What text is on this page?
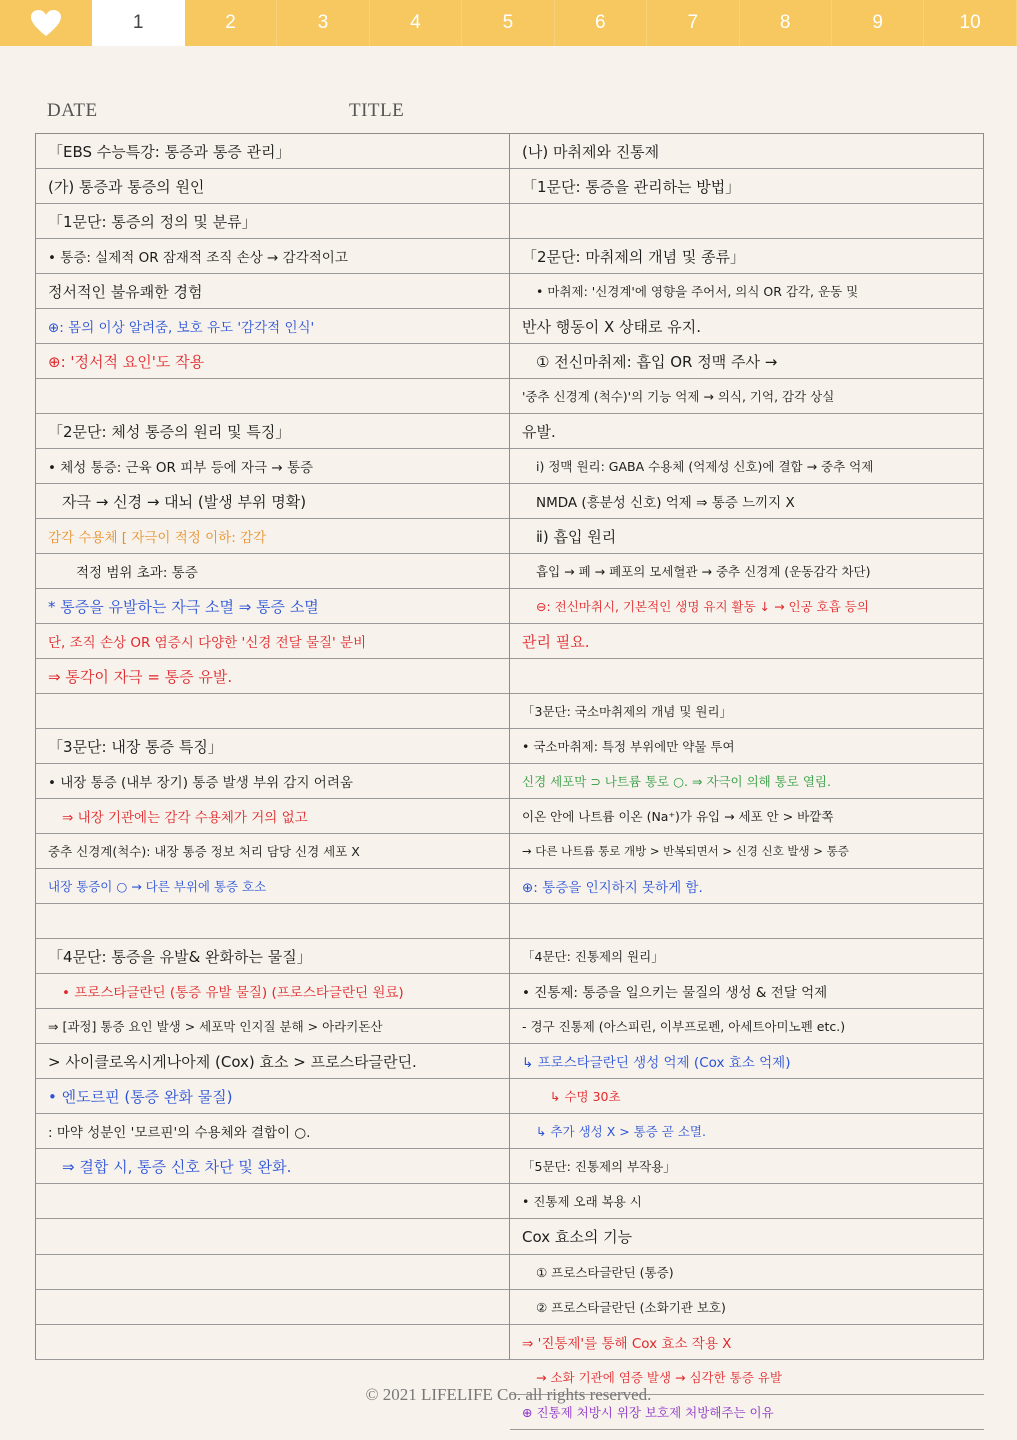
1	2	3	4	5	6	7	8	9	10
DATE	TITLE
「EBS 수능특강: 통증과 통증 관리」
(가) 통증과 통증의 원인
「1문단: 통증의 정의 및 분류」
• 통증: 실제적 OR 잠재적 조직 손상 → 감각적이고
정서적인 불유쾌한 경험
⊕: 몸의 이상 알려줌, 보호 유도 '감각적 인식'
⊕: '정서적 요인'도 작용
「2문단: 체성 통증의 원리 및 특징」
• 체성 통증: 근육 OR 피부 등에 자극 → 통증
자극 → 신경 → 대뇌 (발생 부위 명확)
감각 수용체 [ 자극이 적정 이하: 감각
적정 범위 초과: 통증
* 통증을 유발하는 자극 소멸 ⇒ 통증 소멸
단, 조직 손상 OR 염증시 다양한 '신경 전달 물질' 분비
⇒ 통각이 자극 = 통증 유발.
「3문단: 내장 통증 특징」
• 내장 통증 (내부 장기) 통증 발생 부위 감지 어려움
⇒ 내장 기관에는 감각 수용체가 거의 없고
중추 신경계(척수): 내장 통증 정보 처리 담당 신경 세포 X
내장 통증이 ○ → 다른 부위에 통증 호소
「4문단: 통증을 유발& 완화하는 물질」
• 프로스타글란딘 (통증 유발 물질) (프로스타글란딘 원료)
⇒ [과정] 통증 요인 발생 > 세포막 인지질 분해 > 아라키돈산
> 사이클로옥시게나아제 (Cox) 효소 > 프로스타글란딘.
• 엔도르핀 (통증 완화 물질)
: 마약 성분인 '모르핀'의 수용체와 결합이 ○.
⇒ 결합 시, 통증 신호 차단 및 완화.
(나) 마취제와 진통제
「1문단: 통증을 관리하는 방법」
「2문단: 마취제의 개념 및 종류」
• 마취제: '신경계'에 영향을 주어서, 의식 OR 감각, 운동 및
반사 행동이 X 상태로 유지.
① 전신마취제: 흡입 OR 정맥 주사 →
'중추 신경계 (척수)'의 기능 억제 → 의식, 기억, 감각 상실
유발.
ⅰ) 정맥 원리: GABA 수용체 (억제성 신호)에 결합 → 중추 억제
NMDA (흥분성 신호) 억제 ⇒ 통증 느끼지 X
ⅱ) 흡입 원리
흡입 → 폐 → 폐포의 모세혈관 → 중추 신경계 (운동감각 차단)
⊖: 전신마취시, 기본적인 생명 유지 활동 ↓ → 인공 호흡 등의
관리 필요.
「3문단: 국소마취제의 개념 및 원리」
• 국소마취제: 특정 부위에만 약물 투여
신경 세포막 ⊃ 나트륨 통로 ○. ⇒ 자극이 의해 통로 열림.
이온 안에 나트륨 이온 (Na⁺)가 유입 → 세포 안 > 바깥쪽
→ 다른 나트륨 통로 개방 > 반복되면서 > 신경 신호 발생 > 통증
⊕: 통증을 인지하지 못하게 함.
「4문단: 진통제의 원리」
• 진통제: 통증을 일으키는 물질의 생성 & 전달 억제
- 경구 진통제 (아스피린, 이부프로펜, 아세트아미노펜 etc.)
↳ 프로스타글란딘 생성 억제 (Cox 효소 억제)
↳ 수명 30초
↳ 추가 생성 X > 통증 곧 소멸.
「5문단: 진통제의 부작용」
• 진통제 오래 복용 시
Cox 효소의 기능
① 프로스타글란딘 (통증)
② 프로스타글란딘 (소화기관 보호)
⇒ '진통제'를 통해 Cox 효소 작용 X
→ 소화 기관에 염증 발생 → 심각한 통증 유발
⊕ 진통제 처방시 위장 보호제 처방해주는 이유
© 2021 LIFELIFE Co. all rights reserved.
